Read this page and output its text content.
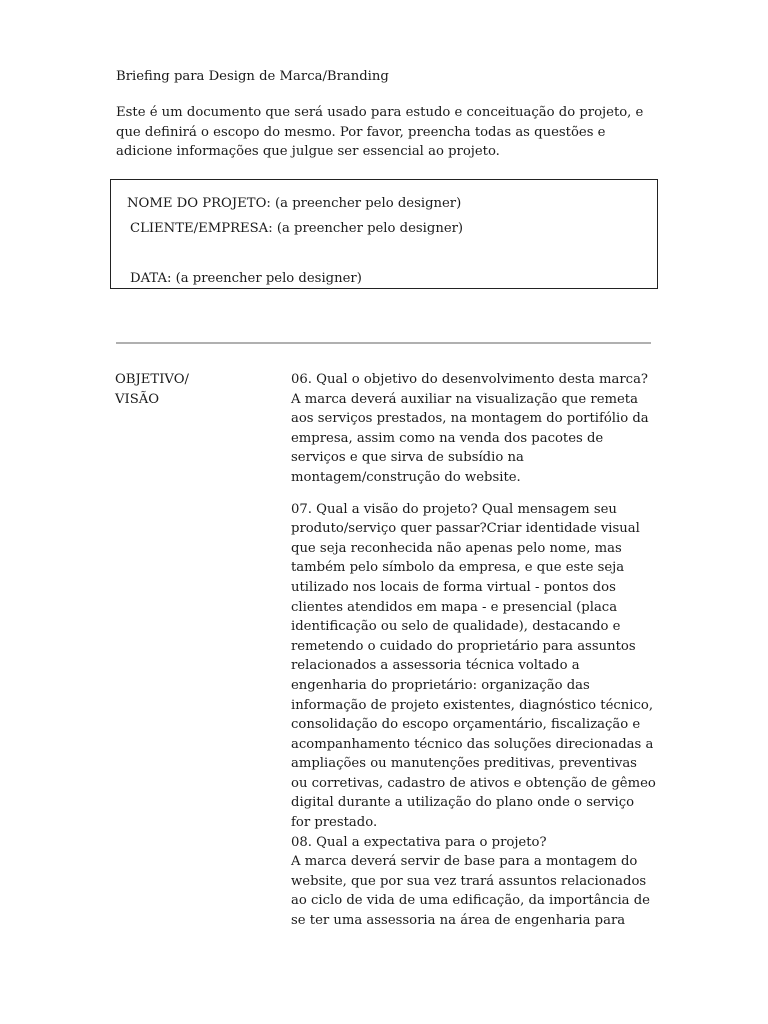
Briefing para Design de Marca/Branding
Este é um documento que será usado para estudo e conceituação do projeto, e
que definirá o escopo do mesmo. Por favor, preencha todas as questões e
adicione informações que julgue ser essencial ao projeto.
NOME DO PROJETO: (a preencher pelo designer)
CLIENTE/EMPRESA: (a preencher pelo designer)
DATA: (a preencher pelo designer)
OBJETIVO/
VISÃO
06. Qual o objetivo do desenvolvimento desta marca?
A marca deverá auxiliar na visualização que remeta
aos serviços prestados, na montagem do portifólio da
empresa, assim como na venda dos pacotes de
serviços e que sirva de subsídio na
montagem/construção do website.
07. Qual a visão do projeto? Qual mensagem seu
produto/serviço quer passar?Criar identidade visual
que seja reconhecida não apenas pelo nome, mas
também pelo símbolo da empresa, e que este seja
utilizado nos locais de forma virtual - pontos dos
clientes atendidos em mapa - e presencial (placa
identificação ou selo de qualidade), destacando e
remetendo o cuidado do proprietário para assuntos
relacionados a assessoria técnica voltado a
engenharia do proprietário: organização das
informação de projeto existentes, diagnóstico técnico,
consolidação do escopo orçamentário, fiscalização e
acompanhamento técnico das soluções direcionadas a
ampliações ou manutenções preditivas, preventivas
ou corretivas, cadastro de ativos e obtenção de gêmeo
digital durante a utilização do plano onde o serviço
for prestado.
08. Qual a expectativa para o projeto?
A marca deverá servir de base para a montagem do
website, que por sua vez trará assuntos relacionados
ao ciclo de vida de uma edificação, da importância de
se ter uma assessoria na área de engenharia para
